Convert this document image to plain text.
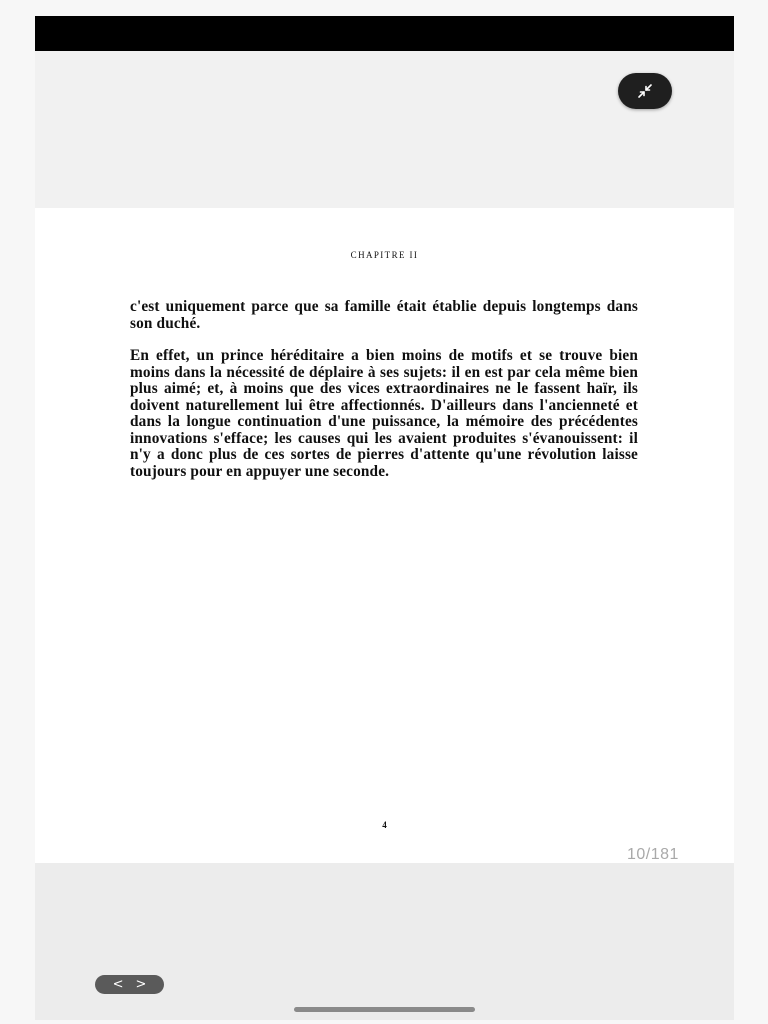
CHAPITRE II

c'est uniquement parce que sa famille était établie depuis longtemps dans son duché.

En effet, un prince héréditaire a bien moins de motifs et se trouve bien moins dans la nécessité de déplaire à ses sujets: il en est par cela même bien plus aimé; et, à moins que des vices extraordinaires ne le fassent haïr, ils doivent naturellement lui être affectionnés. D'ailleurs dans l'ancienneté et dans la longue continuation d'une puissance, la mémoire des précédentes innovations s'efface; les causes qui les avaient produites s'évanouissent: il n'y a donc plus de ces sortes de pierres d'attente qu'une révolution laisse toujours pour en appuyer une seconde.

4
10/181
< >
